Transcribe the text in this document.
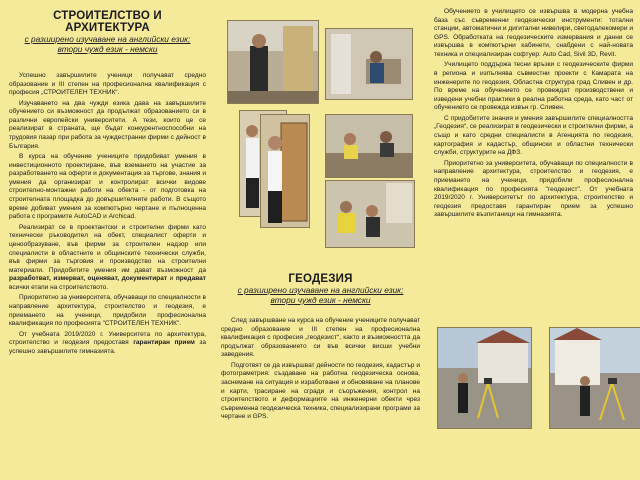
СТРОИТЕЛСТВО И АРХИТЕКТУРА
с разширено изучаване на английски език;
втори чужд език - немски

Успешно завършилите ученици получават средно образование и III степен на професионална квалификация с професия „СТРОИТЕЛЕН ТЕХНИК“.

Изучаването на два чужди езика дава на завършилите обучението си възможност да продължат образованието си в различни европейски университети. А тези, които це се реализират в страната, ще бъдат конкурентноспособни на трудовия пазар при работа за чуждестранни фирми с дейност в България.

В курса на обучение учениците придобиват умения в инвестиционното проектиране, във вземането на участие за разработването на оферти и документация за търгове, знания и умения да организират и контролират всички видове строително-монтажни работи на обекта - от подготовка на строителната площадка до довършителните работи. В същото време добиват умения за компютърно чертане и пълноценна работа с програмите AutoCAD и Archicad.

Реализират се в проектантски и строителни фирми като технически ръководител на обект, специалист оферти и ценообразуване, във фирми за строителен надзор или специалисти в областните и общинските технически служби, във фирми за търговия и производство на строителни материали. Придобитите умения им дават възможност да разработват, измерват, оценяват, документират и предават всички етапи на строителството.

Приоритетно за университета, обучаващи по специалности в направление архитектура, строителство и геодезия, е приемането на ученици, придобили професионална квалификация по професията "СТРОИТЕЛЕН ТЕХНИК".

От учебната 2019/2020 г. Университета по архитектура, строителство и геодезия предоставя гарантиран прием за успешно завършилите гимназията.

ГЕОДЕЗИЯ
с разширено изучаване на английски език;
втори чужд език - немски

След завършване на курса на обучение учениците получават средно образование и III степен на професионална квалификация с професия „геодезист“, както и възможността да продължат образованието си във всички висши учебни заведения.

Подготвят се да извършват дейности по геодезия, кадастър и фотограметрия: създаване на работна геодезическа основа, заснемане на ситуация и изработване и обновяване на планове и карти, трасиране на сгради и съоръжения, контрол на строителството и деформациите на инженерни обекти чрез съвременна геодезическа техника, специализирани програми за чертане и GPS.

Обучението в училището се извършва в модерна учебна база със съвременни геодезически инструменти: тотални станции, автоматични и дигитални нивелири, светодалекомери и GPS. Обработката на геодезическите измервания и данни се извършва в компютърни кабинети, снабдени с най-новата техника и специализиран софтуер: Auto Cad, Sivil 3D, Revit.

Училището поддържа тесни връзки с геодезическите фирми в региона и изпълнява съвместни проекти с Камарата на инженерите по геодезия, Областна структура град Сливен и др. По време на обучението се провеждат производствени и изведени учебни практики в реална работна среда, като част от обучението се провежда извън гр. Сливен.

С придобитите знания и умения завършилите специалността „Геодезия“, се реализират в геодезически и строителни фирми, а също и като средни специалисти в Агенцията по геодезия, картография и кадастър, общински и областни технически служби, структурите на ДФЗ.

Приоритетно за университета, обучаващи по специалности в направление архитектура, строителство и геодезия, е приемането на ученици, придобили професионална квалификация по професията "геодезист". От учебната 2019/2020 г. Университетът по архитектура, строителство и геодезия предоставя гарантиран прием за успешно завършилите възпитаници на гимназията.
